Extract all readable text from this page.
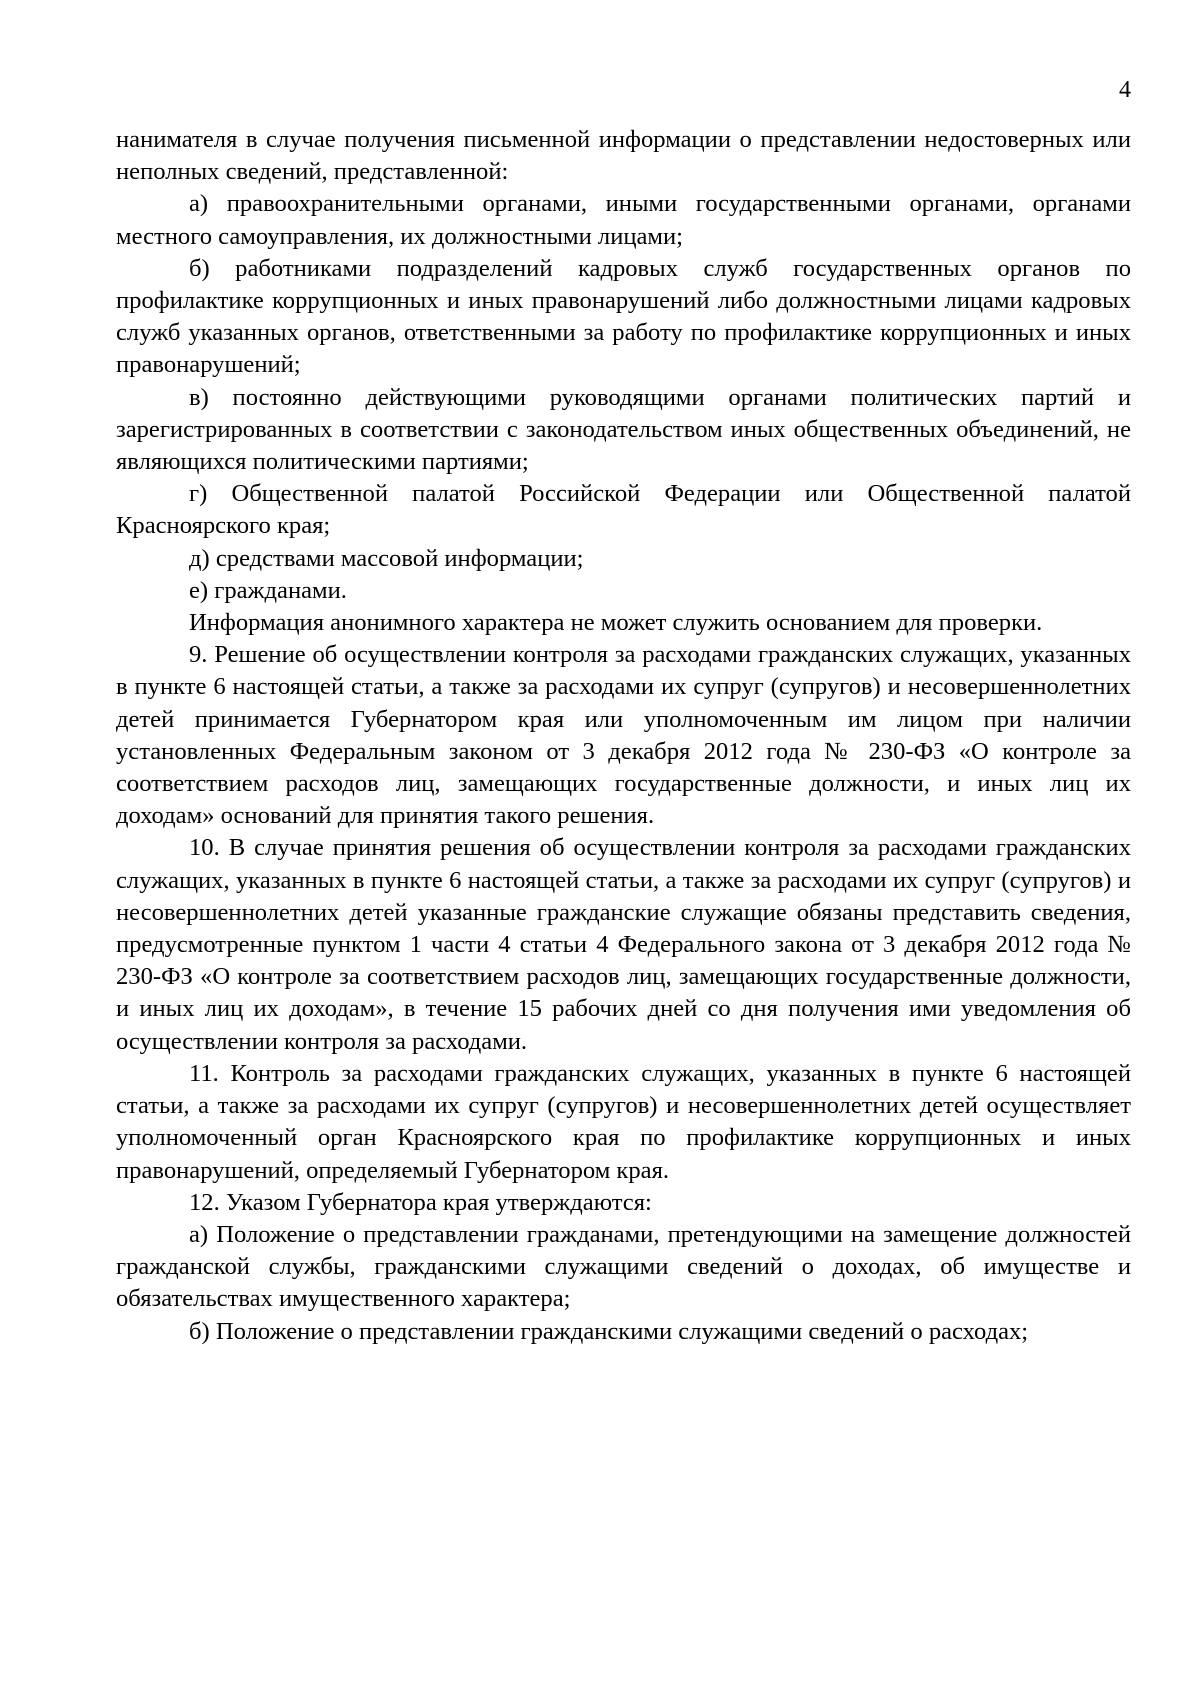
4

нанимателя в случае получения письменной информации о представлении недостоверных или неполных сведений, представленной:

а) правоохранительными органами, иными государственными органами, органами местного самоуправления, их должностными лицами;

б) работниками подразделений кадровых служб государственных органов по профилактике коррупционных и иных правонарушений либо должностными лицами кадровых служб указанных органов, ответственными за работу по профилактике коррупционных и иных правонарушений;

в) постоянно действующими руководящими органами политических партий и зарегистрированных в соответствии с законодательством иных общественных объединений, не являющихся политическими партиями;

г) Общественной палатой Российской Федерации или Общественной палатой Красноярского края;

д) средствами массовой информации;

е) гражданами.

Информация анонимного характера не может служить основанием для проверки.

9. Решение об осуществлении контроля за расходами гражданских служащих, указанных в пункте 6 настоящей статьи, а также за расходами их супруг (супругов) и несовершеннолетних детей принимается Губернатором края или уполномоченным им лицом при наличии установленных Федеральным законом от 3 декабря 2012 года № 230-ФЗ «О контроле за соответствием расходов лиц, замещающих государственные должности, и иных лиц их доходам» оснований для принятия такого решения.

10. В случае принятия решения об осуществлении контроля за расходами гражданских служащих, указанных в пункте 6 настоящей статьи, а также за расходами их супруг (супругов) и несовершеннолетних детей указанные гражданские служащие обязаны представить сведения, предусмотренные пунктом 1 части 4 статьи 4 Федерального закона от 3 декабря 2012 года № 230-ФЗ «О контроле за соответствием расходов лиц, замещающих государственные должности, и иных лиц их доходам», в течение 15 рабочих дней со дня получения ими уведомления об осуществлении контроля за расходами.

11. Контроль за расходами гражданских служащих, указанных в пункте 6 настоящей статьи, а также за расходами их супруг (супругов) и несовершеннолетних детей осуществляет уполномоченный орган Красноярского края по профилактике коррупционных и иных правонарушений, определяемый Губернатором края.

12. Указом Губернатора края утверждаются:

а) Положение о представлении гражданами, претендующими на замещение должностей гражданской службы, гражданскими служащими сведений о доходах, об имуществе и обязательствах имущественного характера;

б) Положение о представлении гражданскими служащими сведений о расходах;
